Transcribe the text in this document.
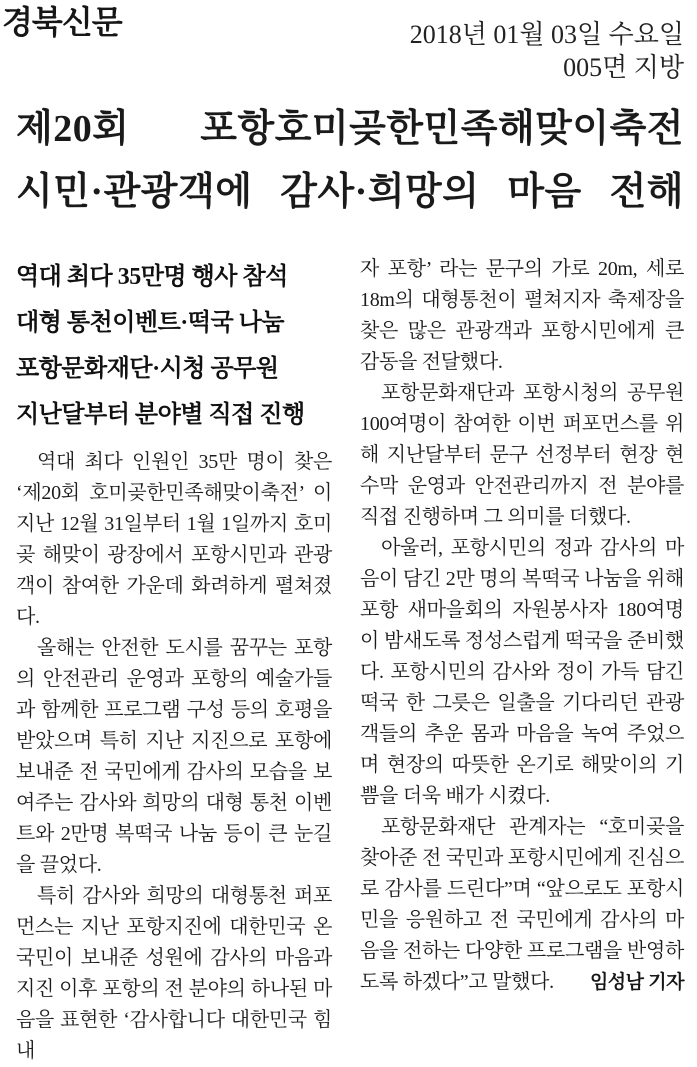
경북신문	2018년 01월 03일 수요일
005면 지방
제20회 포항호미곶한민족해맞이축전
시민·관광객에 감사·희망의 마음 전해
역대 최다 35만명 행사 참석
대형 통천이벤트·떡국 나눔
포항문화재단·시청 공무원
지난달부터 분야별 직접 진행

역대 최다 인원인 35만 명이 찾은 ‘제20회 호미곶한민족해맞이축전’ 이 지난 12월 31일부터 1월 1일까지 호미곶 해맞이 광장에서 포항시민과 관광객이 참여한 가운데 화려하게 펼쳐졌다.

올해는 안전한 도시를 꿈꾸는 포항의 안전관리 운영과 포항의 예술가들과 함께한 프로그램 구성 등의 호평을 받았으며 특히 지난 지진으로 포항에 보내준 전 국민에게 감사의 모습을 보여주는 감사와 희망의 대형 통천 이벤트와 2만명 복떡국 나눔 등이 큰 눈길을 끌었다.

특히 감사와 희망의 대형통천 퍼포먼스는 지난 포항지진에 대한민국 온 국민이 보내준 성원에 감사의 마음과 지진 이후 포항의 전 분야의 하나된 마음을 표현한 ‘감사합니다 대한민국 힘내

자 포항’ 라는 문구의 가로 20m, 세로 18m의 대형통천이 펼쳐지자 축제장을 찾은 많은 관광객과 포항시민에게 큰 감동을 전달했다.

포항문화재단과 포항시청의 공무원 100여명이 참여한 이번 퍼포먼스를 위해 지난달부터 문구 선정부터 현장 현수막 운영과 안전관리까지 전 분야를 직접 진행하며 그 의미를 더했다.

아울러, 포항시민의 정과 감사의 마음이 담긴 2만 명의 복떡국 나눔을 위해 포항 새마을회의 자원봉사자 180여명이 밤새도록 정성스럽게 떡국을 준비했다. 포항시민의 감사와 정이 가득 담긴 떡국 한 그릇은 일출을 기다리던 관광객들의 추운 몸과 마음을 녹여 주었으며 현장의 따뜻한 온기로 해맞이의 기쁨을 더욱 배가 시켰다.

포항문화재단 관계자는 “호미곶을 찾아준 전 국민과 포항시민에게 진심으로 감사를 드린다”며 “앞으로도 포항시민을 응원하고 전 국민에게 감사의 마음을 전하는 다양한 프로그램을 반영하도록 하겠다”고 말했다.	임성남 기자
